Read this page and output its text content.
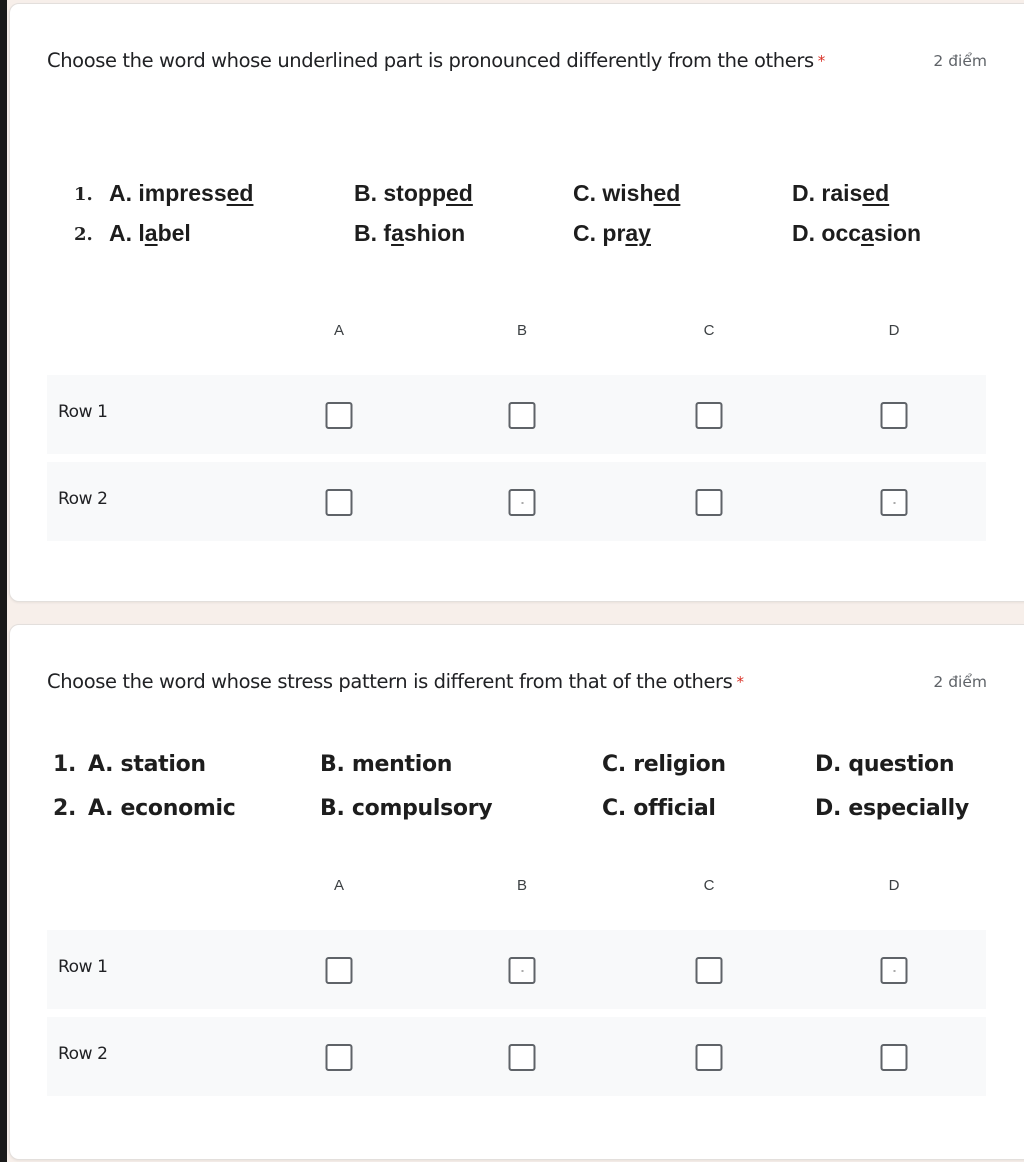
Choose the word whose underlined part is pronounced differently from the others *	2 điểm
1. A. impressed	B. stopped	C. wished	D. raised
2. A. label	B. fashion	C. pray	D. occasion
A	B	C	D
Row 1
Row 2
Choose the word whose stress pattern is different from that of the others *	2 điểm
1. A. station	B. mention	C. religion	D. question
2. A. economic	B. compulsory	C. official	D. especially
A	B	C	D
Row 1
Row 2
